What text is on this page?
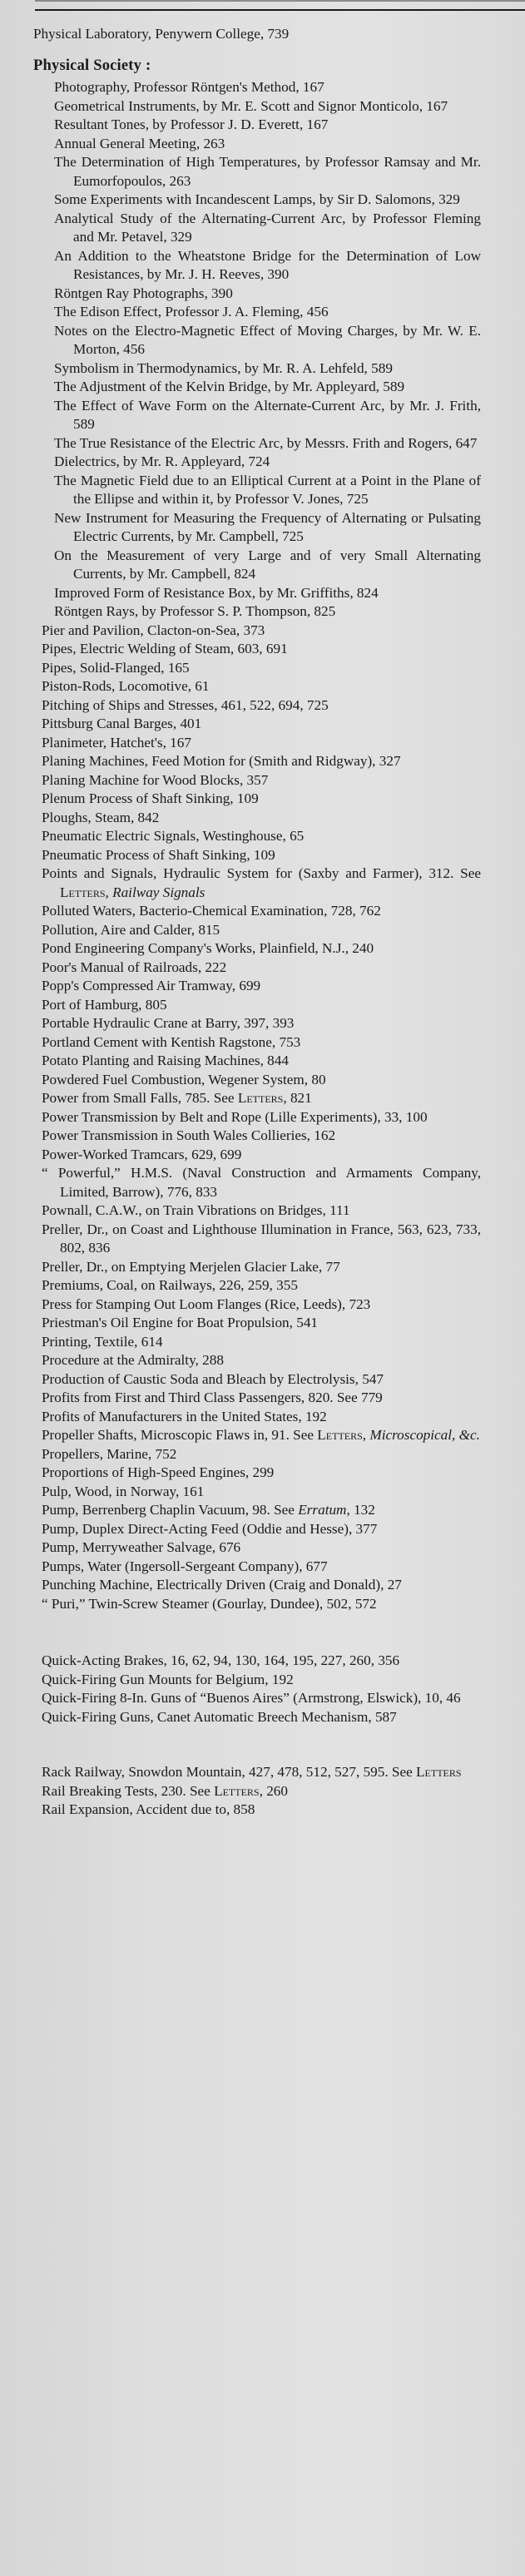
Physical Laboratory, Penywern College, 739

Physical Society :

Photography, Professor Röntgen's Method, 167

Geometrical Instruments, by Mr. E. Scott and Signor Monticolo, 167

Resultant Tones, by Professor J. D. Everett, 167

Annual General Meeting, 263

The Determination of High Temperatures, by Professor Ramsay and Mr. Eumorfopoulos, 263

Some Experiments with Incandescent Lamps, by Sir D. Salomons, 329

Analytical Study of the Alternating-Current Arc, by Professor Fleming and Mr. Petavel, 329

An Addition to the Wheatstone Bridge for the Determination of Low Resistances, by Mr. J. H. Reeves, 390

Röntgen Ray Photographs, 390

The Edison Effect, Professor J. A. Fleming, 456

Notes on the Electro-Magnetic Effect of Moving Charges, by Mr. W. E. Morton, 456

Symbolism in Thermodynamics, by Mr. R. A. Lehfeld, 589

The Adjustment of the Kelvin Bridge, by Mr. Appleyard, 589

The Effect of Wave Form on the Alternate-Current Arc, by Mr. J. Frith, 589

The True Resistance of the Electric Arc, by Messrs. Frith and Rogers, 647

Dielectrics, by Mr. R. Appleyard, 724

The Magnetic Field due to an Elliptical Current at a Point in the Plane of the Ellipse and within it, by Professor V. Jones, 725

New Instrument for Measuring the Frequency of Alternating or Pulsating Electric Currents, by Mr. Campbell, 725

On the Measurement of very Large and of very Small Alternating Currents, by Mr. Campbell, 824

Improved Form of Resistance Box, by Mr. Griffiths, 824

Röntgen Rays, by Professor S. P. Thompson, 825

Pier and Pavilion, Clacton-on-Sea, 373

Pipes, Electric Welding of Steam, 603, 691

Pipes, Solid-Flanged, 165

Piston-Rods, Locomotive, 61

Pitching of Ships and Stresses, 461, 522, 694, 725

Pittsburg Canal Barges, 401

Planimeter, Hatchet's, 167

Planing Machines, Feed Motion for (Smith and Ridgway), 327

Planing Machine for Wood Blocks, 357

Plenum Process of Shaft Sinking, 109

Ploughs, Steam, 842

Pneumatic Electric Signals, Westinghouse, 65

Pneumatic Process of Shaft Sinking, 109

Points and Signals, Hydraulic System for (Saxby and Farmer), 312. See Letters, Railway Signals

Polluted Waters, Bacterio-Chemical Examination, 728, 762

Pollution, Aire and Calder, 815

Pond Engineering Company's Works, Plainfield, N.J., 240

Poor's Manual of Railroads, 222

Popp's Compressed Air Tramway, 699

Port of Hamburg, 805

Portable Hydraulic Crane at Barry, 397, 393

Portland Cement with Kentish Ragstone, 753

Potato Planting and Raising Machines, 844

Powdered Fuel Combustion, Wegener System, 80

Power from Small Falls, 785. See Letters, 821

Power Transmission by Belt and Rope (Lille Experiments), 33, 100

Power Transmission in South Wales Collieries, 162

Power-Worked Tramcars, 629, 699

“ Powerful,” H.M.S. (Naval Construction and Armaments Company, Limited, Barrow), 776, 833

Pownall, C.A.W., on Train Vibrations on Bridges, 111

Preller, Dr., on Coast and Lighthouse Illumination in France, 563, 623, 733, 802, 836

Preller, Dr., on Emptying Merjelen Glacier Lake, 77

Premiums, Coal, on Railways, 226, 259, 355

Press for Stamping Out Loom Flanges (Rice, Leeds), 723

Priestman's Oil Engine for Boat Propulsion, 541

Printing, Textile, 614

Procedure at the Admiralty, 288

Production of Caustic Soda and Bleach by Electrolysis, 547

Profits from First and Third Class Passengers, 820. See 779

Profits of Manufacturers in the United States, 192

Propeller Shafts, Microscopic Flaws in, 91. See Letters, Microscopical, &c.

Propellers, Marine, 752

Proportions of High-Speed Engines, 299

Pulp, Wood, in Norway, 161

Pump, Berrenberg Chaplin Vacuum, 98. See Erratum, 132

Pump, Duplex Direct-Acting Feed (Oddie and Hesse), 377

Pump, Merryweather Salvage, 676

Pumps, Water (Ingersoll-Sergeant Company), 677

Punching Machine, Electrically Driven (Craig and Donald), 27

“ Puri,” Twin-Screw Steamer (Gourlay, Dundee), 502, 572

Quick-Acting Brakes, 16, 62, 94, 130, 164, 195, 227, 260, 356

Quick-Firing Gun Mounts for Belgium, 192

Quick-Firing 8-In. Guns of “Buenos Aires” (Armstrong, Elswick), 10, 46

Quick-Firing Guns, Canet Automatic Breech Mechanism, 587

Rack Railway, Snowdon Mountain, 427, 478, 512, 527, 595. See Letters

Rail Breaking Tests, 230. See Letters, 260

Rail Expansion, Accident due to, 858
